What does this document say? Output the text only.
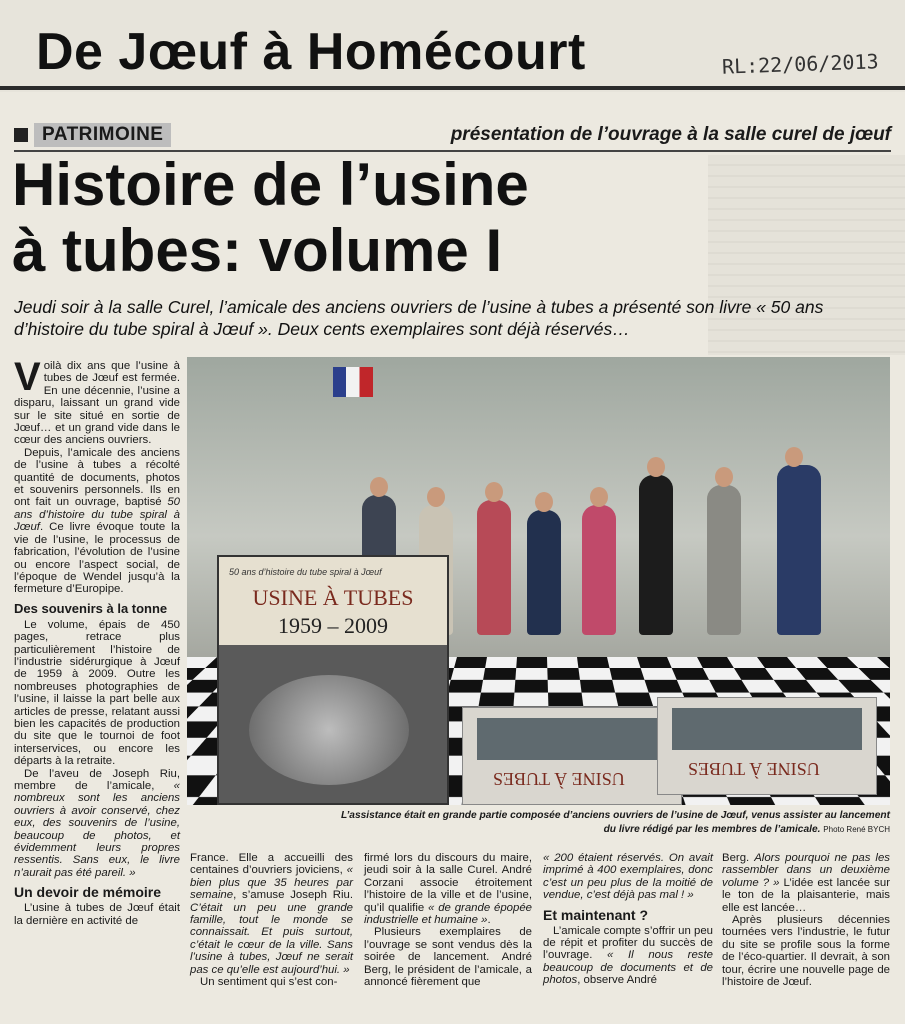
De Jœuf à Homécourt	RL:22/06/2013
PATRIMOINE	présentation de l’ouvrage à la salle curel de jœuf
Histoire de l’usine
à tubes: volume I
Jeudi soir à la salle Curel, l’amicale des anciens ouvriers de l’usine à tubes a présenté son livre « 50 ans d’histoire du tube spiral à Jœuf ». Deux cents exemplaires sont déjà réservés…
50 ans d’histoire du tube spiral à Jœuf
USINE À TUBES
1959 – 2009
USINE À TUBES	USINE À TUBES
L’assistance était en grande partie composée d’anciens ouvriers de l’usine de Jœuf, venus assister au lancement du livre rédigé par les membres de l’amicale. Photo René BYCH

Voilà dix ans que l’usine à tubes de Jœuf est fermée. En une décennie, l’usine a disparu, laissant un grand vide sur le site situé en sortie de Jœuf… et un grand vide dans le cœur des anciens ouvriers.

Depuis, l’amicale des anciens de l’usine à tubes a récolté quantité de documents, photos et souvenirs personnels. Ils en ont fait un ouvrage, baptisé 50 ans d’histoire du tube spiral à Jœuf. Ce livre évoque toute la vie de l’usine, le processus de fabrication, l’évolution de l’usine ou encore l’aspect social, de l’époque de Wendel jusqu’à la fermeture d’Europipe.

Des souvenirs à la tonne

Le volume, épais de 450 pages, retrace plus particulièrement l’histoire de l’industrie sidérurgique à Jœuf de 1959 à 2009. Outre les nombreuses photographies de l’usine, il laisse la part belle aux articles de presse, relatant aussi bien les capacités de production du site que le tournoi de foot interservices, ou encore les départs à la retraite.

De l’aveu de Joseph Riu, membre de l’amicale, « nombreux sont les anciens ouvriers à avoir conservé, chez eux, des souvenirs de l’usine, beaucoup de photos, et évidemment leurs propres ressentis. Sans eux, le livre n’aurait pas été pareil. »

Un devoir de mémoire

L’usine à tubes de Jœuf était la dernière en activité de

France. Elle a accueilli des centaines d’ouvriers joviciens, « bien plus que 35 heures par semaine, s’amuse Joseph Riu. C’était un peu une grande famille, tout le monde se connaissait. Et puis surtout, c’était le cœur de la ville. Sans l’usine à tubes, Jœuf ne serait pas ce qu’elle est aujourd’hui. »

Un sentiment qui s’est con-

firmé lors du discours du maire, jeudi soir à la salle Curel. André Corzani associe étroitement l’histoire de la ville et de l’usine, qu’il qualifie « de grande épopée industrielle et humaine ».

Plusieurs exemplaires de l’ouvrage se sont vendus dès la soirée de lancement. André Berg, le président de l’amicale, a annoncé fièrement que

« 200 étaient réservés. On avait imprimé à 400 exemplaires, donc c’est un peu plus de la moitié de vendue, c’est déjà pas mal ! »

Et maintenant ?

L’amicale compte s’offrir un peu de répit et profiter du succès de l’ouvrage. « Il nous reste beaucoup de documents et de photos, observe André

Berg. Alors pourquoi ne pas les rassembler dans un deuxième volume ? » L’idée est lancée sur le ton de la plaisanterie, mais elle est lancée…

Après plusieurs décennies tournées vers l’industrie, le futur du site se profile sous la forme de l’éco-quartier. Il devrait, à son tour, écrire une nouvelle page de l’histoire de Jœuf.
